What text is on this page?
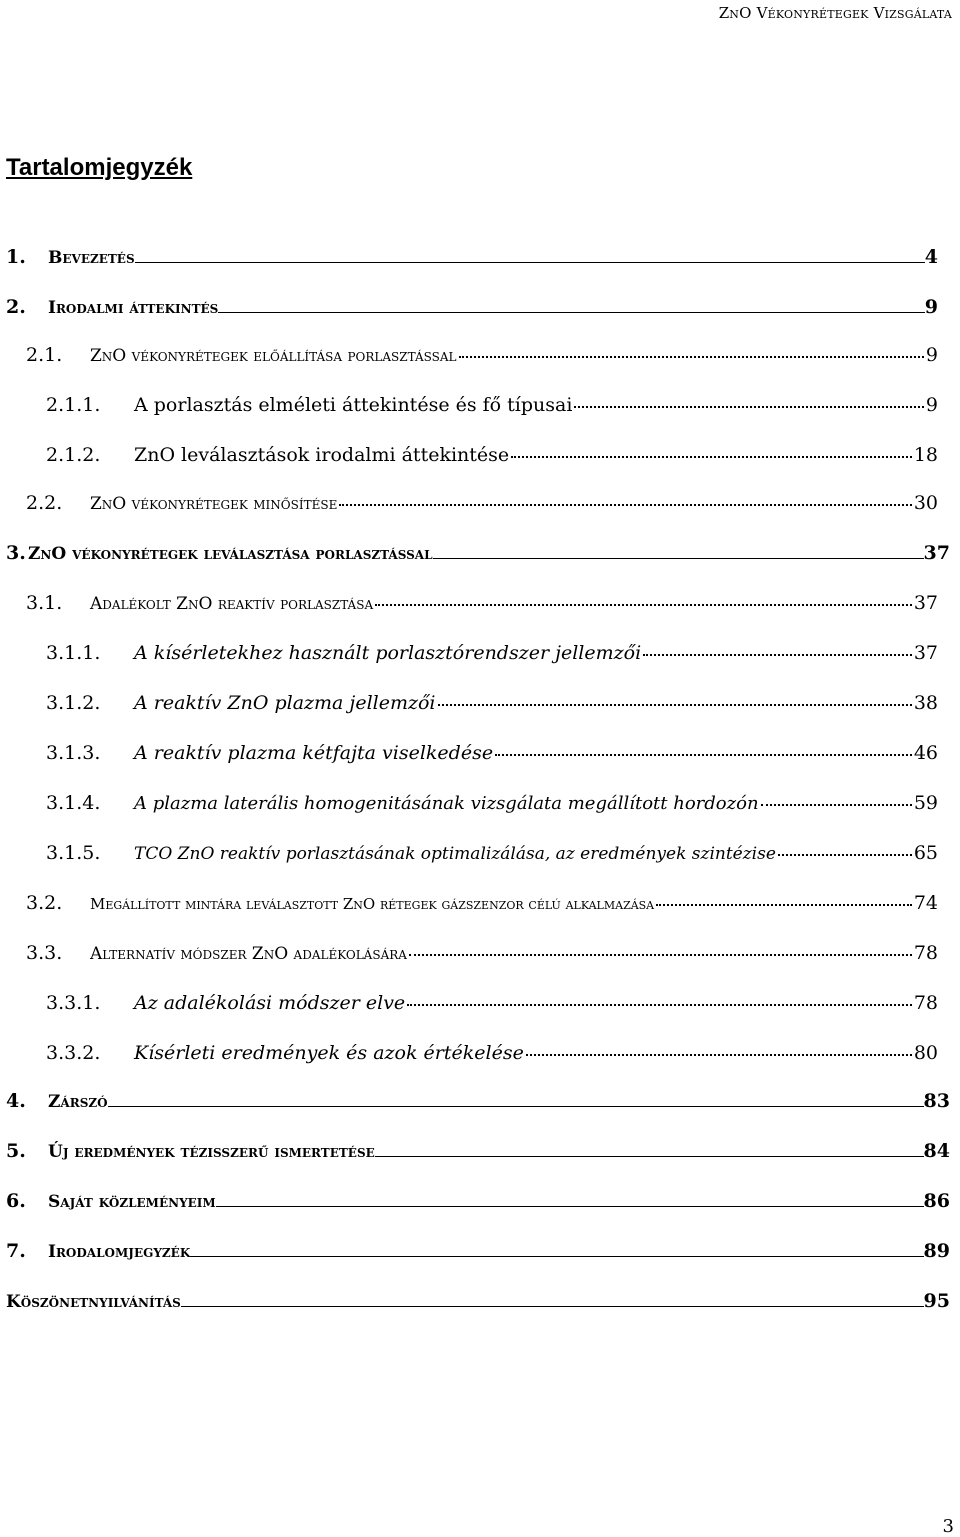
ZnO Vékonyrétegek Vizsgálata
Tartalomjegyzék
1.	Bevezetés	4
2.	Irodalmi áttekintés	9
2.1.	ZnO vékonyrétegek előállítása porlasztással	9
2.1.1.	A porlasztás elméleti áttekintése és fő típusai	9
2.1.2.	ZnO leválasztások irodalmi áttekintése	18
2.2.	ZnO vékonyrétegek minősítése	30
3. ZnO vékonyrétegek leválasztása porlasztással	37
3.1.	Adalékolt ZnO reaktív porlasztása	37
3.1.1.	A kísérletekhez használt porlasztórendszer jellemzői	37
3.1.2.	A reaktív ZnO plazma jellemzői	38
3.1.3.	A reaktív plazma kétfajta viselkedése	46
3.1.4.	A plazma laterális homogenitásának vizsgálata megállított hordozón	59
3.1.5.	TCO ZnO reaktív porlasztásának optimalizálása, az eredmények szintézise	65
3.2.	Megállított mintára leválasztott ZnO rétegek gázszenzor célú alkalmazása	74
3.3.	Alternatív módszer ZnO adalékolására	78
3.3.1.	Az adalékolási módszer elve	78
3.3.2.	Kísérleti eredmények és azok értékelése	80
4.	Zárszó	83
5.	Új eredmények tézisszerű ismertetése	84
6.	Saját közleményeim	86
7.	Irodalomjegyzék	89
Köszönetnyilvánítás	95
3
